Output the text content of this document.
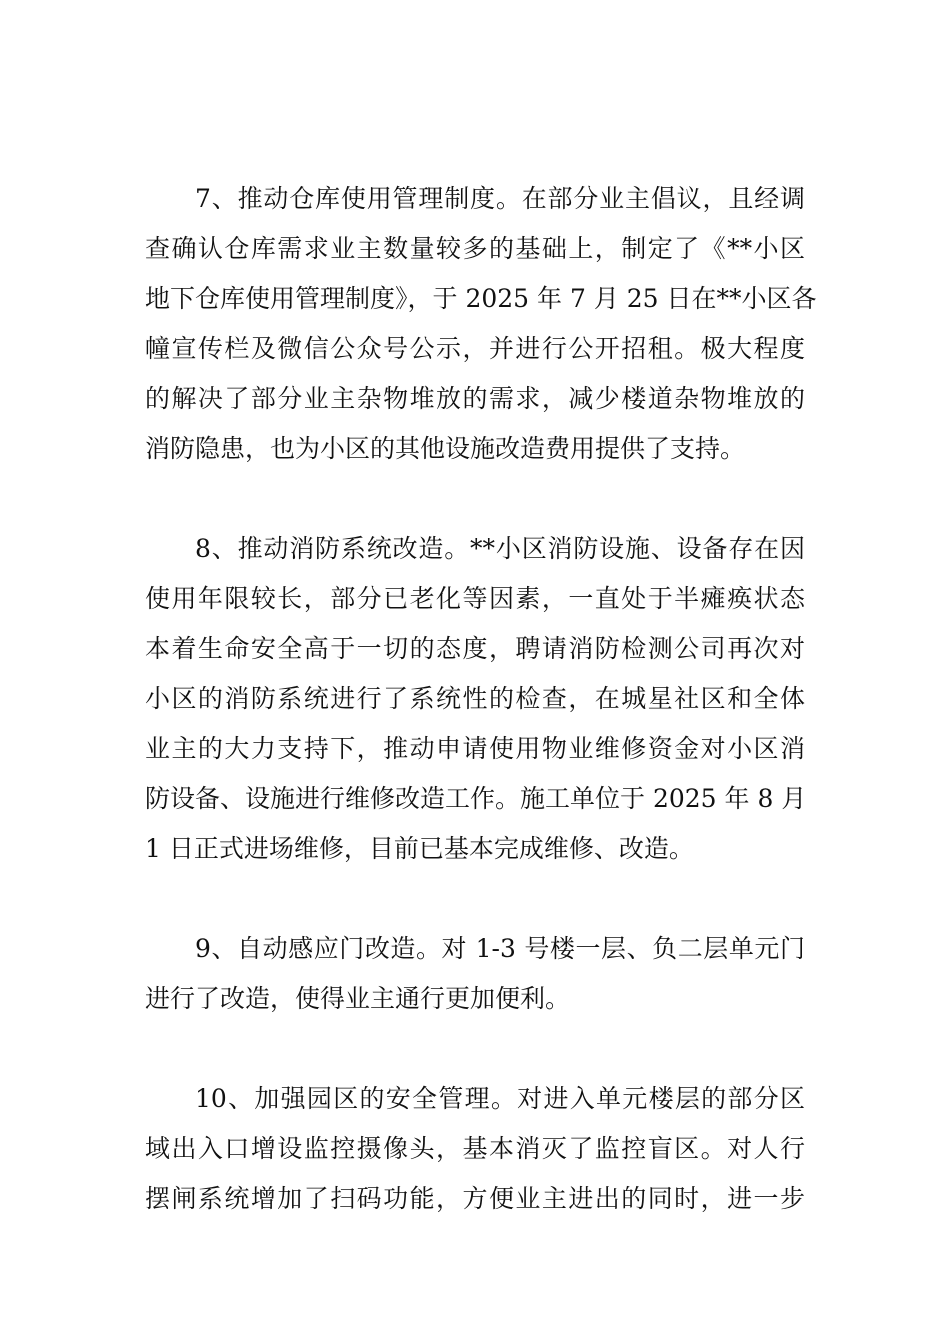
7、推动仓库使用管理制度。在部分业主倡议，且经调

查确认仓库需求业主数量较多的基础上，制定了《**小区

地下仓库使用管理制度》，于 2025 年 7 月 25 日在**小区各

幢宣传栏及微信公众号公示，并进行公开招租。极大程度

的解决了部分业主杂物堆放的需求，减少楼道杂物堆放的

消防隐患，也为小区的其他设施改造费用提供了支持。

8、推动消防系统改造。**小区消防设施、设备存在因

使用年限较长，部分已老化等因素，一直处于半瘫痪状态

本着生命安全高于一切的态度，聘请消防检测公司再次对

小区的消防系统进行了系统性的检查，在城星社区和全体

业主的大力支持下，推动申请使用物业维修资金对小区消

防设备、设施进行维修改造工作。施工单位于 2025 年 8 月

1 日正式进场维修，目前已基本完成维修、改造。

9、自动感应门改造。对 1-3 号楼一层、负二层单元门

进行了改造，使得业主通行更加便利。

10、加强园区的安全管理。对进入单元楼层的部分区

域出入口增设监控摄像头，基本消灭了监控盲区。对人行

摆闸系统增加了扫码功能，方便业主进出的同时，进一步
